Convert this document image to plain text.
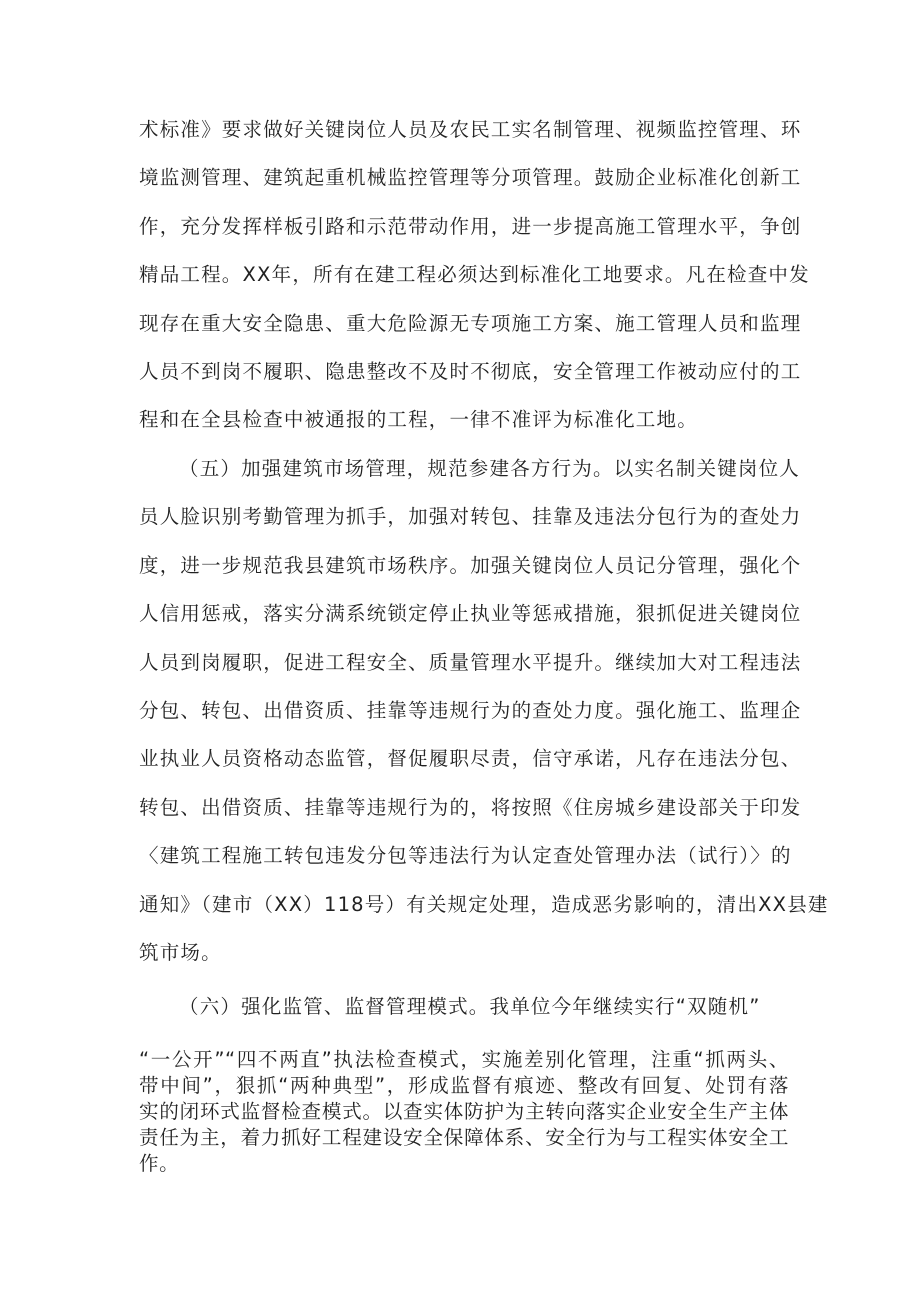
术标准》要求做好关键岗位人员及农民工实名制管理、视频监控管理、环
境监测管理、建筑起重机械监控管理等分项管理。鼓励企业标准化创新工
作，充分发挥样板引路和示范带动作用，进一步提高施工管理水平，争创
精品工程。XX年，所有在建工程必须达到标准化工地要求。凡在检查中发
现存在重大安全隐患、重大危险源无专项施工方案、施工管理人员和监理
人员不到岗不履职、隐患整改不及时不彻底，安全管理工作被动应付的工
程和在全县检查中被通报的工程，一律不准评为标准化工地。
（五）加强建筑市场管理，规范参建各方行为。以实名制关键岗位人
员人脸识别考勤管理为抓手，加强对转包、挂靠及违法分包行为的查处力
度，进一步规范我县建筑市场秩序。加强关键岗位人员记分管理，强化个
人信用惩戒，落实分满系统锁定停止执业等惩戒措施，狠抓促进关键岗位
人员到岗履职，促进工程安全、质量管理水平提升。继续加大对工程违法
分包、转包、出借资质、挂靠等违规行为的查处力度。强化施工、监理企
业执业人员资格动态监管，督促履职尽责，信守承诺，凡存在违法分包、
转包、出借资质、挂靠等违规行为的，将按照《住房城乡建设部关于印发
〈建筑工程施工转包违发分包等违法行为认定查处管理办法（试行）〉的
通知》（建市（XX）118号）有关规定处理，造成恶劣影响的，清出XX县建
筑市场。
（六）强化监管、监督管理模式。我单位今年继续实行“双随机”
“一公开”“四不两直”执法检查模式，实施差别化管理，注重“抓两头、
带中间”，狠抓“两种典型”，形成监督有痕迹、整改有回复、处罚有落
实的闭环式监督检查模式。以查实体防护为主转向落实企业安全生产主体
责任为主，着力抓好工程建设安全保障体系、安全行为与工程实体安全工
作。
